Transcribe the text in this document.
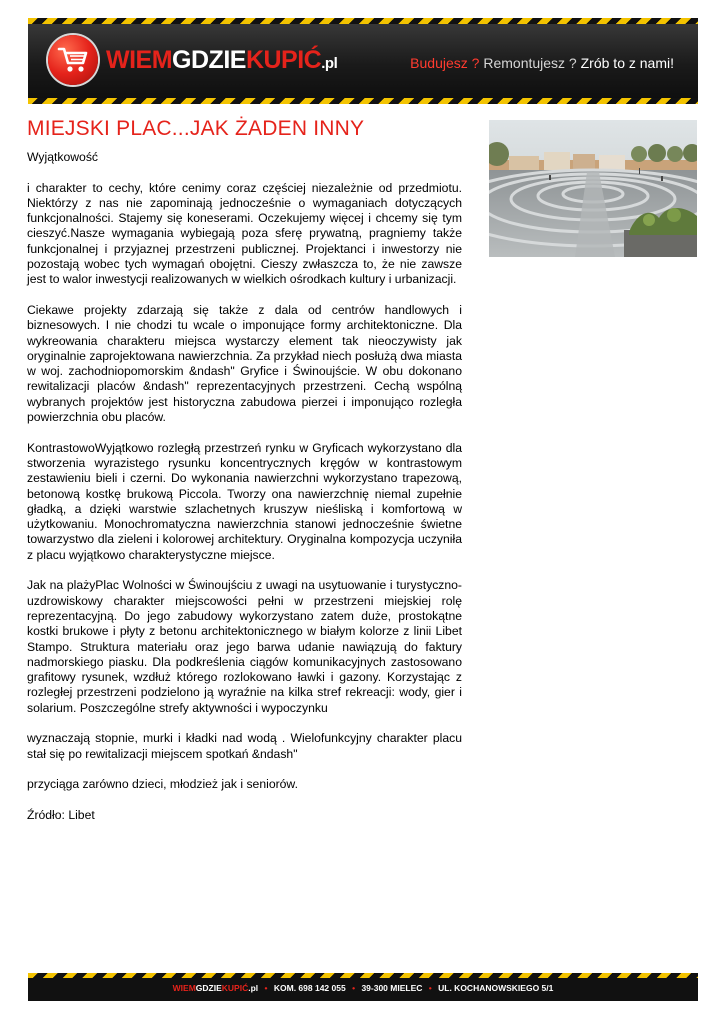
WIEMGDZIEKUPIĆ.pl	Budujesz ? Remontujesz ? Zrób to z nami!
MIEJSKI PLAC...JAK ŻADEN INNY

Wyjątkowość

i charakter to cechy, które cenimy coraz częściej niezależnie od przedmiotu. Niektórzy z nas nie zapominają jednocześnie o wymaganiach dotyczących funkcjonalności. Stajemy się koneserami. Oczekujemy więcej i chcemy się tym cieszyć.Nasze wymagania wybiegają poza sferę prywatną, pragniemy także funkcjonalnej i przyjaznej przestrzeni publicznej. Projektanci i inwestorzy nie pozostają wobec tych wymagań obojętni. Cieszy zwłaszcza to, że nie zawsze jest to walor inwestycji realizowanych w wielkich ośrodkach kultury i urbanizacji.

Ciekawe projekty zdarzają się także z dala od centrów handlowych i biznesowych. I nie chodzi tu wcale o imponujące formy architektoniczne. Dla wykreowania charakteru miejsca wystarczy element tak nieoczywisty jak oryginalnie zaprojektowana nawierzchnia. Za przykład niech posłużą dwa miasta w woj. zachodniopomorskim &ndash" Gryfice i Świnoujście. W obu dokonano rewitalizacji placów &ndash" reprezentacyjnych przestrzeni. Cechą wspólną wybranych projektów jest historyczna zabudowa pierzei i imponująco rozległa powierzchnia obu placów.

KontrastowoWyjątkowo rozległą przestrzeń rynku w Gryficach wykorzystano dla stworzenia wyrazistego rysunku koncentrycznych kręgów w kontrastowym zestawieniu bieli i czerni. Do wykonania nawierzchni wykorzystano trapezową, betonową kostkę brukową Piccola. Tworzy ona nawierzchnię niemal zupełnie gładką, a dzięki warstwie szlachetnych kruszyw nieśliską i komfortową w użytkowaniu. Monochromatyczna nawierzchnia stanowi jednocześnie świetne towarzystwo dla zieleni i kolorowej architektury. Oryginalna kompozycja uczyniła z placu wyjątkowo charakterystyczne miejsce.

Jak na plażyPlac Wolności w Świnoujściu z uwagi na usytuowanie i turystyczno-uzdrowiskowy charakter miejscowości pełni w przestrzeni miejskiej rolę reprezentacyjną. Do jego zabudowy wykorzystano zatem duże, prostokątne kostki brukowe i płyty z betonu architektonicznego w białym kolorze z linii Libet Stampo. Struktura materiału oraz jego barwa udanie nawiązują do faktury nadmorskiego piasku. Dla podkreślenia ciągów komunikacyjnych zastosowano grafitowy rysunek, wzdłuż którego rozlokowano ławki i gazony. Korzystając z rozległej przestrzeni podzielono ją wyraźnie na kilka stref rekreacji: wody, gier i solarium. Poszczególne strefy aktywności i wypoczynku

wyznaczają stopnie, murki i kładki nad wodą . Wielofunkcyjny charakter placu stał się po rewitalizacji miejscem spotkań &ndash"

przyciąga zarówno dzieci, młodzież jak i seniorów.

Źródło: Libet

WIEMGDZIEKUPIĆ.pl • KOM. 698 142 055 • 39-300 MIELEC • UL. KOCHANOWSKIEGO 5/1
